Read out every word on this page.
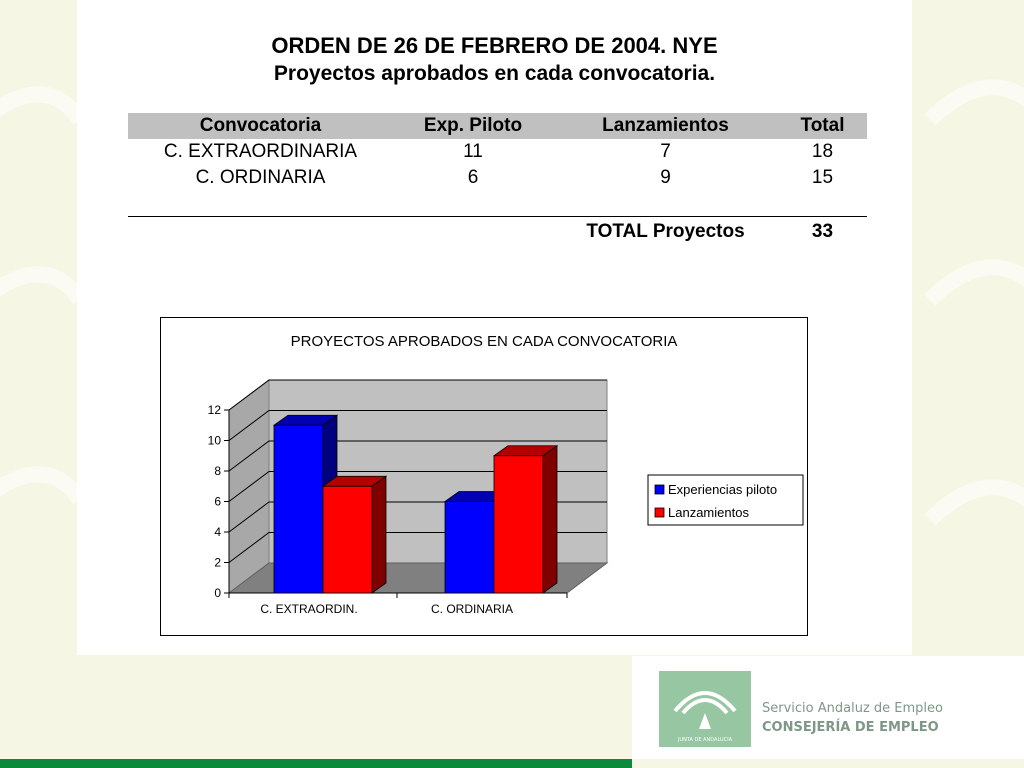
ORDEN DE 26 DE FEBRERO DE 2004. NYE
Proyectos aprobados en cada convocatoria.
Convocatoria	Exp. Piloto	Lanzamientos	Total
C. EXTRAORDINARIA	11	7	18
C. ORDINARIA	6	9	15

		TOTAL Proyectos	33
PROYECTOS APROBADOS EN CADA CONVOCATORIA
0
2
4
6
8
10
12
C. EXTRAORDIN.	C. ORDINARIA
Experiencias piloto
Lanzamientos
JUNTA DE ANDALUCIA
Servicio Andaluz de Empleo
CONSEJERÍA DE EMPLEO
